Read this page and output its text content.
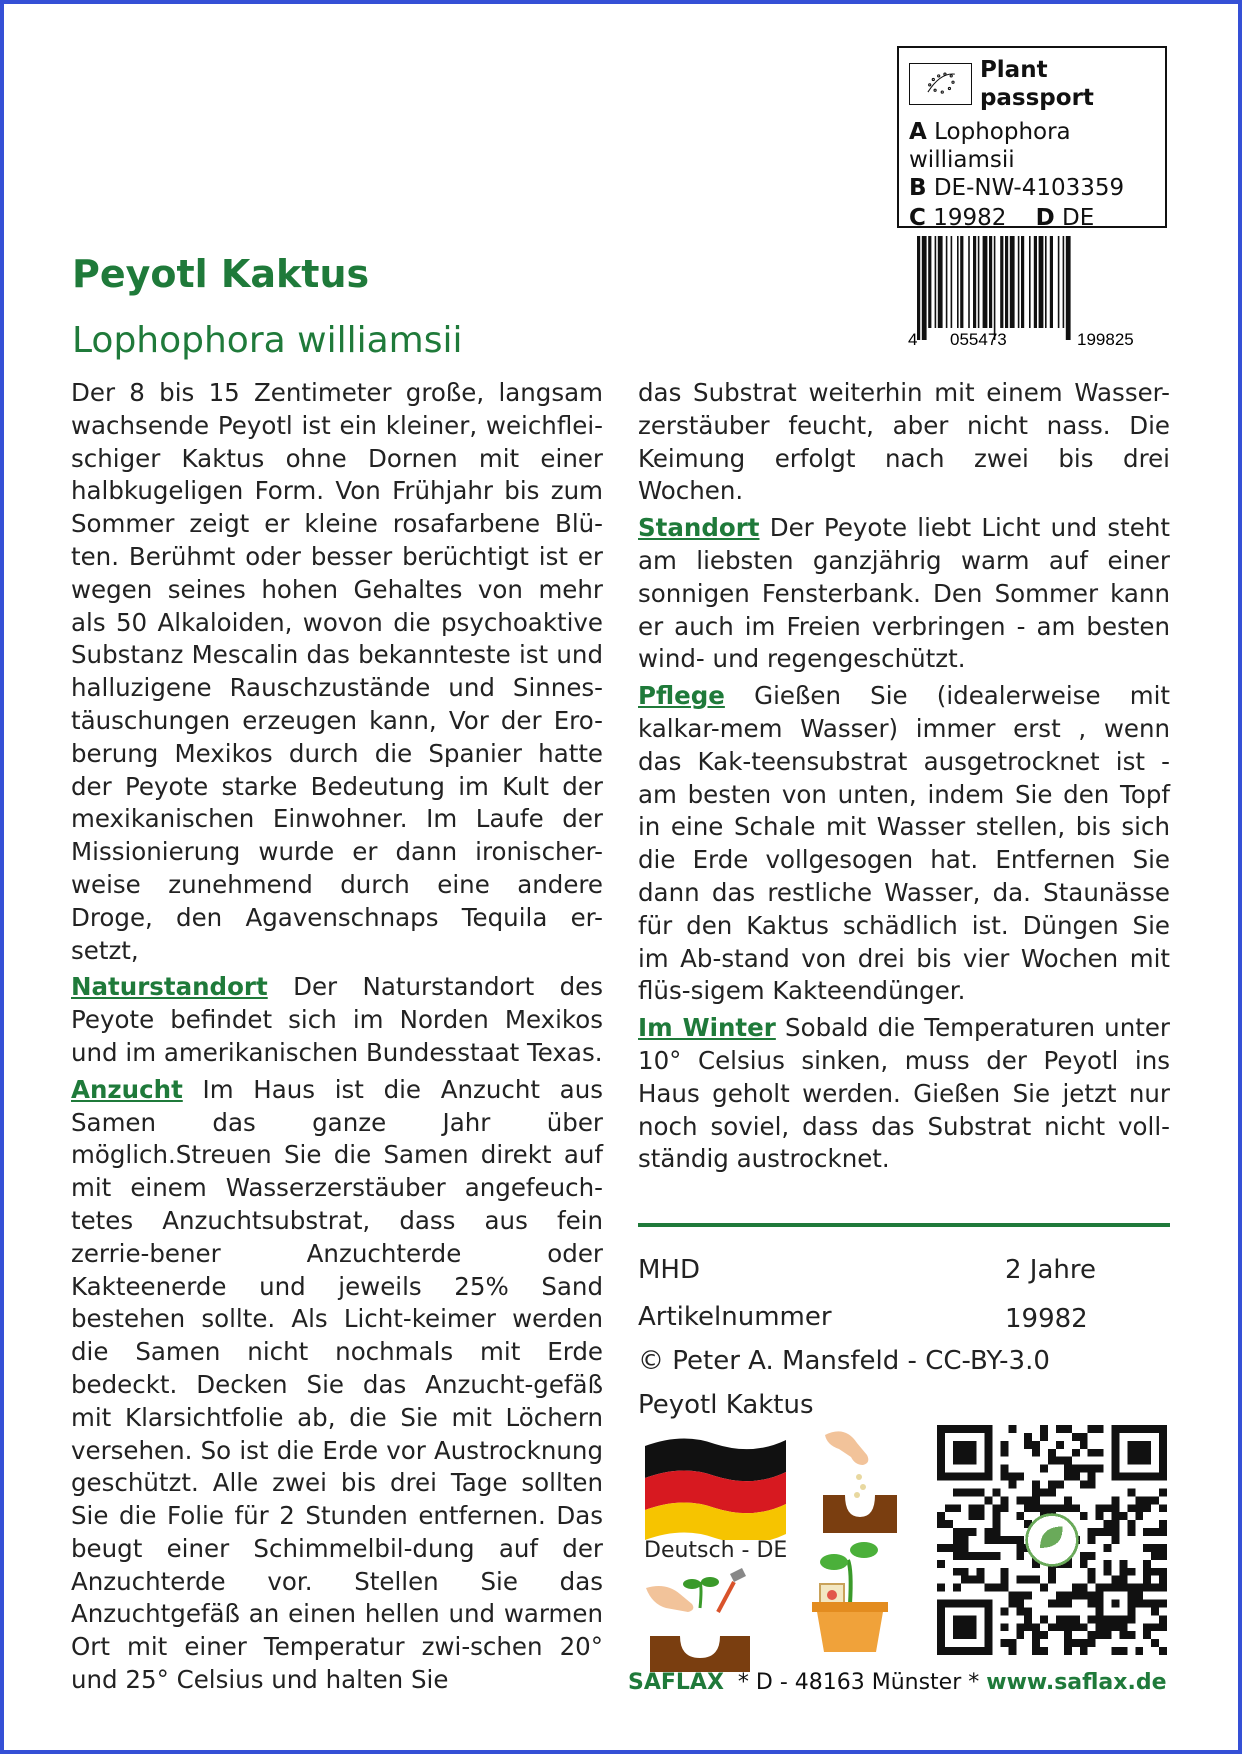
Plant passport
A Lophophora
williamsii
B DE-NW-4103359
C 19982 D DE
4 055473	199825
Peyotl Kaktus
Lophophora williamsii

Der 8 bis 15 Zentimeter große, langsam wachsende Peyotl ist ein kleiner, weichflei-schiger Kaktus ohne Dornen mit einer halbkugeligen Form. Von Frühjahr bis zum Sommer zeigt er kleine rosafarbene Blü-ten. Berühmt oder besser berüchtigt ist er wegen seines hohen Gehaltes von mehr als 50 Alkaloiden, wovon die psychoaktive Substanz Mescalin das bekannteste ist und halluzigene Rauschzustände und Sinnes-täuschungen erzeugen kann, Vor der Ero-berung Mexikos durch die Spanier hatte der Peyote starke Bedeutung im Kult der mexikanischen Einwohner. Im Laufe der Missionierung wurde er dann ironischer-weise zunehmend durch eine andere Droge, den Agavenschnaps Tequila er-setzt,

Naturstandort Der Naturstandort des Peyote befindet sich im Norden Mexikos und im amerikanischen Bundesstaat Texas.

Anzucht Im Haus ist die Anzucht aus Samen das ganze Jahr über möglich.Streuen Sie die Samen direkt auf mit einem Wasserzerstäuber angefeuch-tetes Anzuchtsubstrat, dass aus fein zerrie-bener Anzuchterde oder Kakteenerde und jeweils 25% Sand bestehen sollte. Als Licht-keimer werden die Samen nicht nochmals mit Erde bedeckt. Decken Sie das Anzucht-gefäß mit Klarsichtfolie ab, die Sie mit Löchern versehen. So ist die Erde vor Austrocknung geschützt. Alle zwei bis drei Tage sollten Sie die Folie für 2 Stunden entfernen. Das beugt einer Schimmelbil-dung auf der Anzuchterde vor. Stellen Sie das Anzuchtgefäß an einen hellen und warmen Ort mit einer Temperatur zwi-schen 20° und 25° Celsius und halten Sie

das Substrat weiterhin mit einem Wasser-zerstäuber feucht, aber nicht nass. Die Keimung erfolgt nach zwei bis drei Wochen.

Standort Der Peyote liebt Licht und steht am liebsten ganzjährig warm auf einer sonnigen Fensterbank. Den Sommer kann er auch im Freien verbringen - am besten wind- und regengeschützt.

Pflege Gießen Sie (idealerweise mit kalkar-mem Wasser) immer erst , wenn das Kak-teensubstrat ausgetrocknet ist - am besten von unten, indem Sie den Topf in eine Schale mit Wasser stellen, bis sich die Erde vollgesogen hat. Entfernen Sie dann das restliche Wasser, da. Staunässe für den Kaktus schädlich ist. Düngen Sie im Ab-stand von drei bis vier Wochen mit flüs-sigem Kakteendünger.

Im Winter Sobald die Temperaturen unter 10° Celsius sinken, muss der Peyotl ins Haus geholt werden. Gießen Sie jetzt nur noch soviel, dass das Substrat nicht voll-ständig austrocknet.

MHD	2 Jahre
Artikelnummer	19982
© Peter A. Mansfeld - CC-BY-3.0
Peyotl Kaktus
Deutsch - DE
SAFLAX  * D - 48163 Münster * www.saflax.de
